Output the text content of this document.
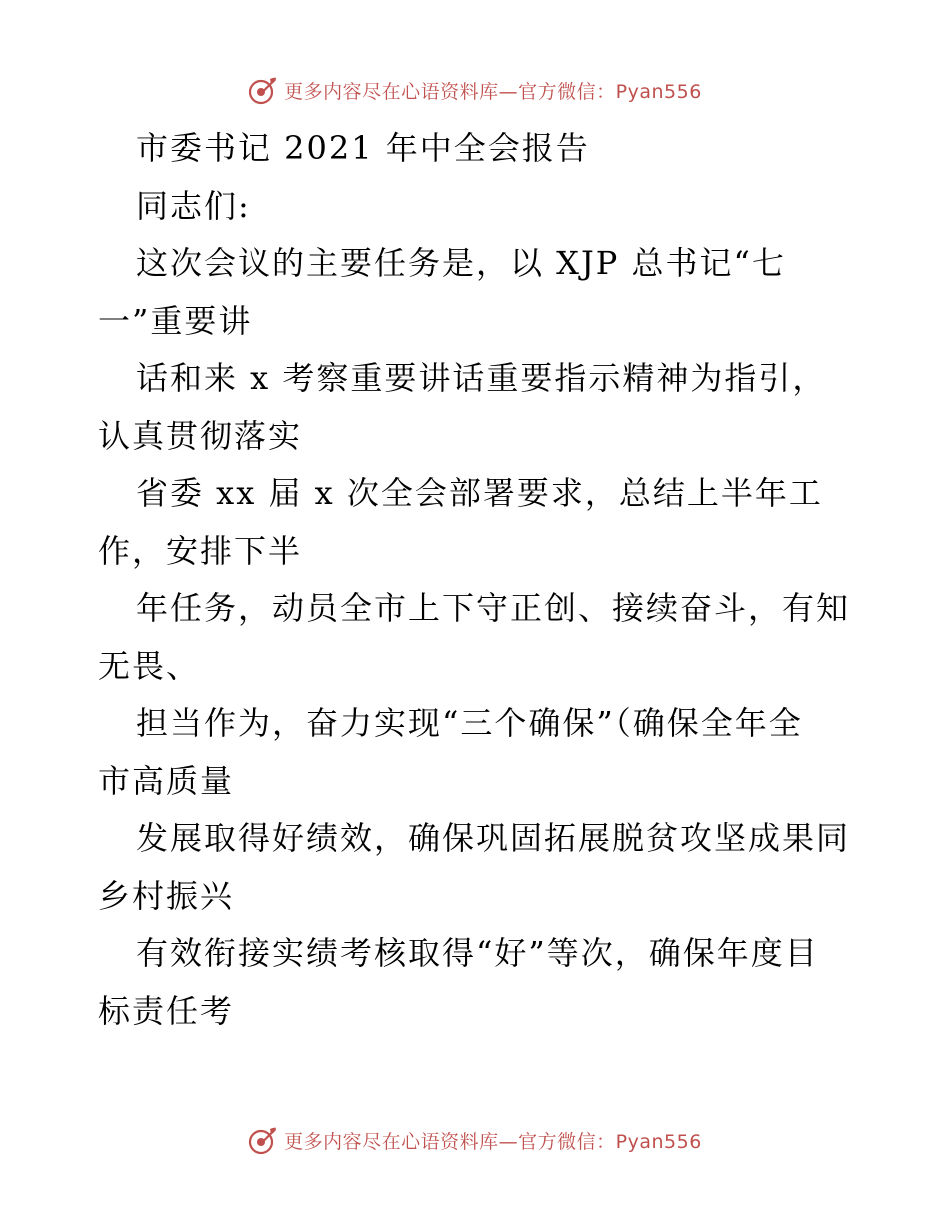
更多内容尽在心语资料库—官方微信：Pyan556
市委书记 2021 年中全会报告
同志们:
这次会议的主要任务是，以 XJP 总书记“七
一”重要讲
话和来 x 考察重要讲话重要指示精神为指引，
认真贯彻落实
省委 xx 届 x 次全会部署要求，总结上半年工
作，安排下半
年任务，动员全市上下守正创、接续奋斗，有知
无畏、
担当作为，奋力实现“三个确保”（确保全年全
市高质量
发展取得好绩效，确保巩固拓展脱贫攻坚成果同
乡村振兴
有效衔接实绩考核取得“好”等次，确保年度目
标责任考
更多内容尽在心语资料库—官方微信：Pyan556
